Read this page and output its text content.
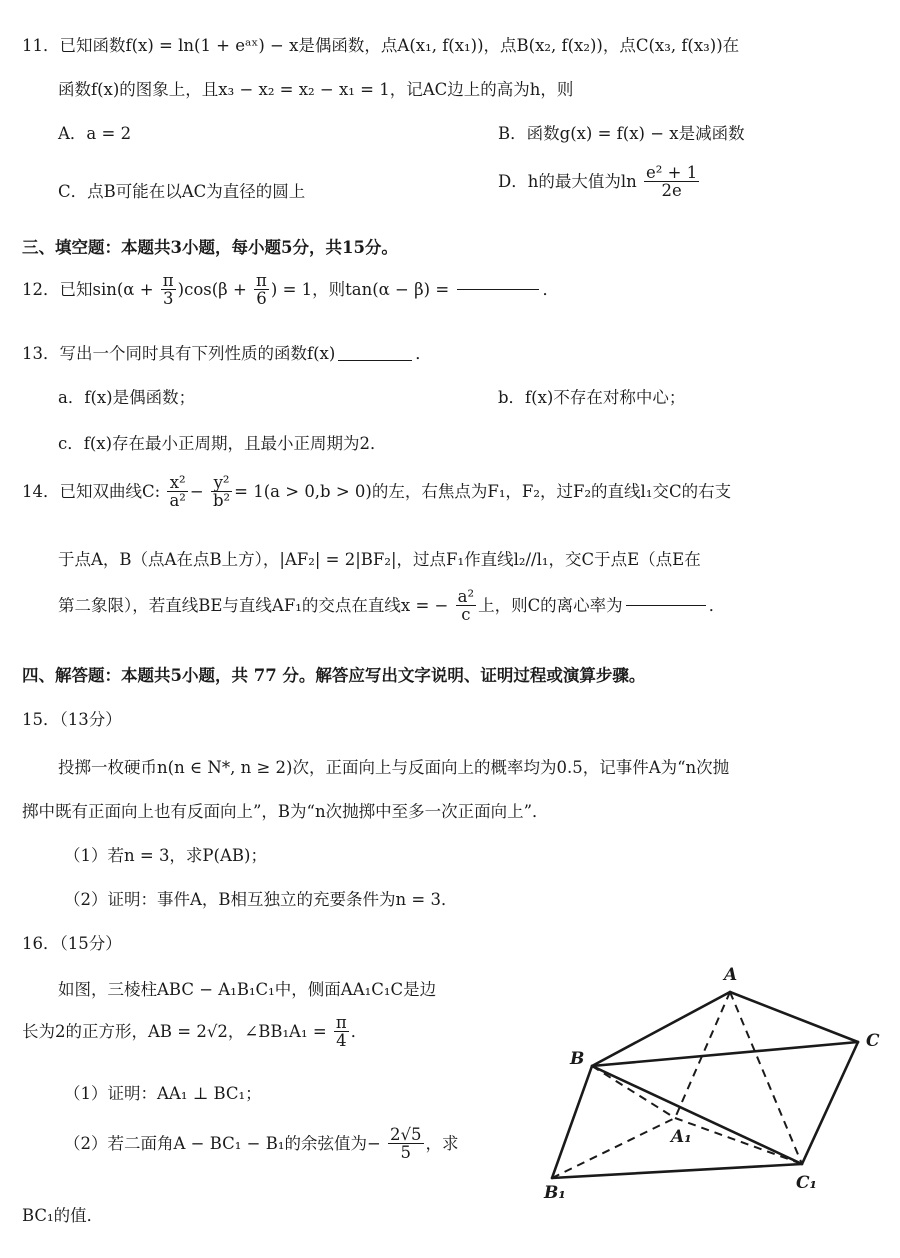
11．已知函数f(x) = ln(1 + eᵃˣ) − x是偶函数，点A(x₁, f(x₁))，点B(x₂, f(x₂))，点C(x₃, f(x₃))在
函数f(x)的图象上，且x₃ − x₂ = x₂ − x₁ = 1，记AC边上的高为h，则
A．a = 2	B．函数g(x) = f(x) − x是减函数
C．点B可能在以AC为直径的圆上
D．h的最大值为$\ln \frac{\text{e² + 1}}{2e}$
三、填空题：本题共3小题，每小题5分，共15分。
12．已知$\sin(\alpha + \frac{\pi}{3} )\cos(\beta + \frac{\pi}{6}$ ) = 1，则tan(α − β) =	．
13．写出一个同时具有下列性质的函数f(x)	．
a．f(x)是偶函数；	b．f(x)不存在对称中心；
c．f(x)存在最小正周期，且最小正周期为2．
14．已知双曲线C: $\frac{\text{x²}}{\text{a²}} - \frac{\text{y²}}{\text{b²}} = 1(a > 0,b > 0)$的左，右焦点为F₁，F₂，过F₂的直线l₁交C的右支
于点A，B（点A在点B上方），|AF₂| = 2|BF₂|，过点F₁作直线l₂//l₁，交C于点E（点E在
第二象限），若直线BE与直线AF₁的交点在直线x = − $\frac{\text{a²}}{c}$ 上，则C的离心率为	．
四、解答题：本题共5小题，共 77 分。解答应写出文字说明、证明过程或演算步骤。
15．（13分）
投掷一枚硬币n(n ∈ N*, n ≥ 2)次，正面向上与反面向上的概率均为0.5，记事件A为“n次抛
掷中既有正面向上也有反面向上”，B为“n次抛掷中至多一次正面向上”．
（1）若n = 3，求P(AB)；
（2）证明：事件A，B相互独立的充要条件为n = 3．
16．（15分）
如图，三棱柱ABC − A₁B₁C₁中，侧面AA₁C₁C是边
长为2的正方形，AB = 2√2，∠BB₁A₁ = $\frac{\pi}{4}$ ．
（1）证明：AA₁ ⊥ BC₁；
（2）若二面角A − BC₁ − B₁的余弦值为− $\frac{2√5}{5}$ ，求
BC₁的值．
A
C
B
A₁
B₁	C₁
